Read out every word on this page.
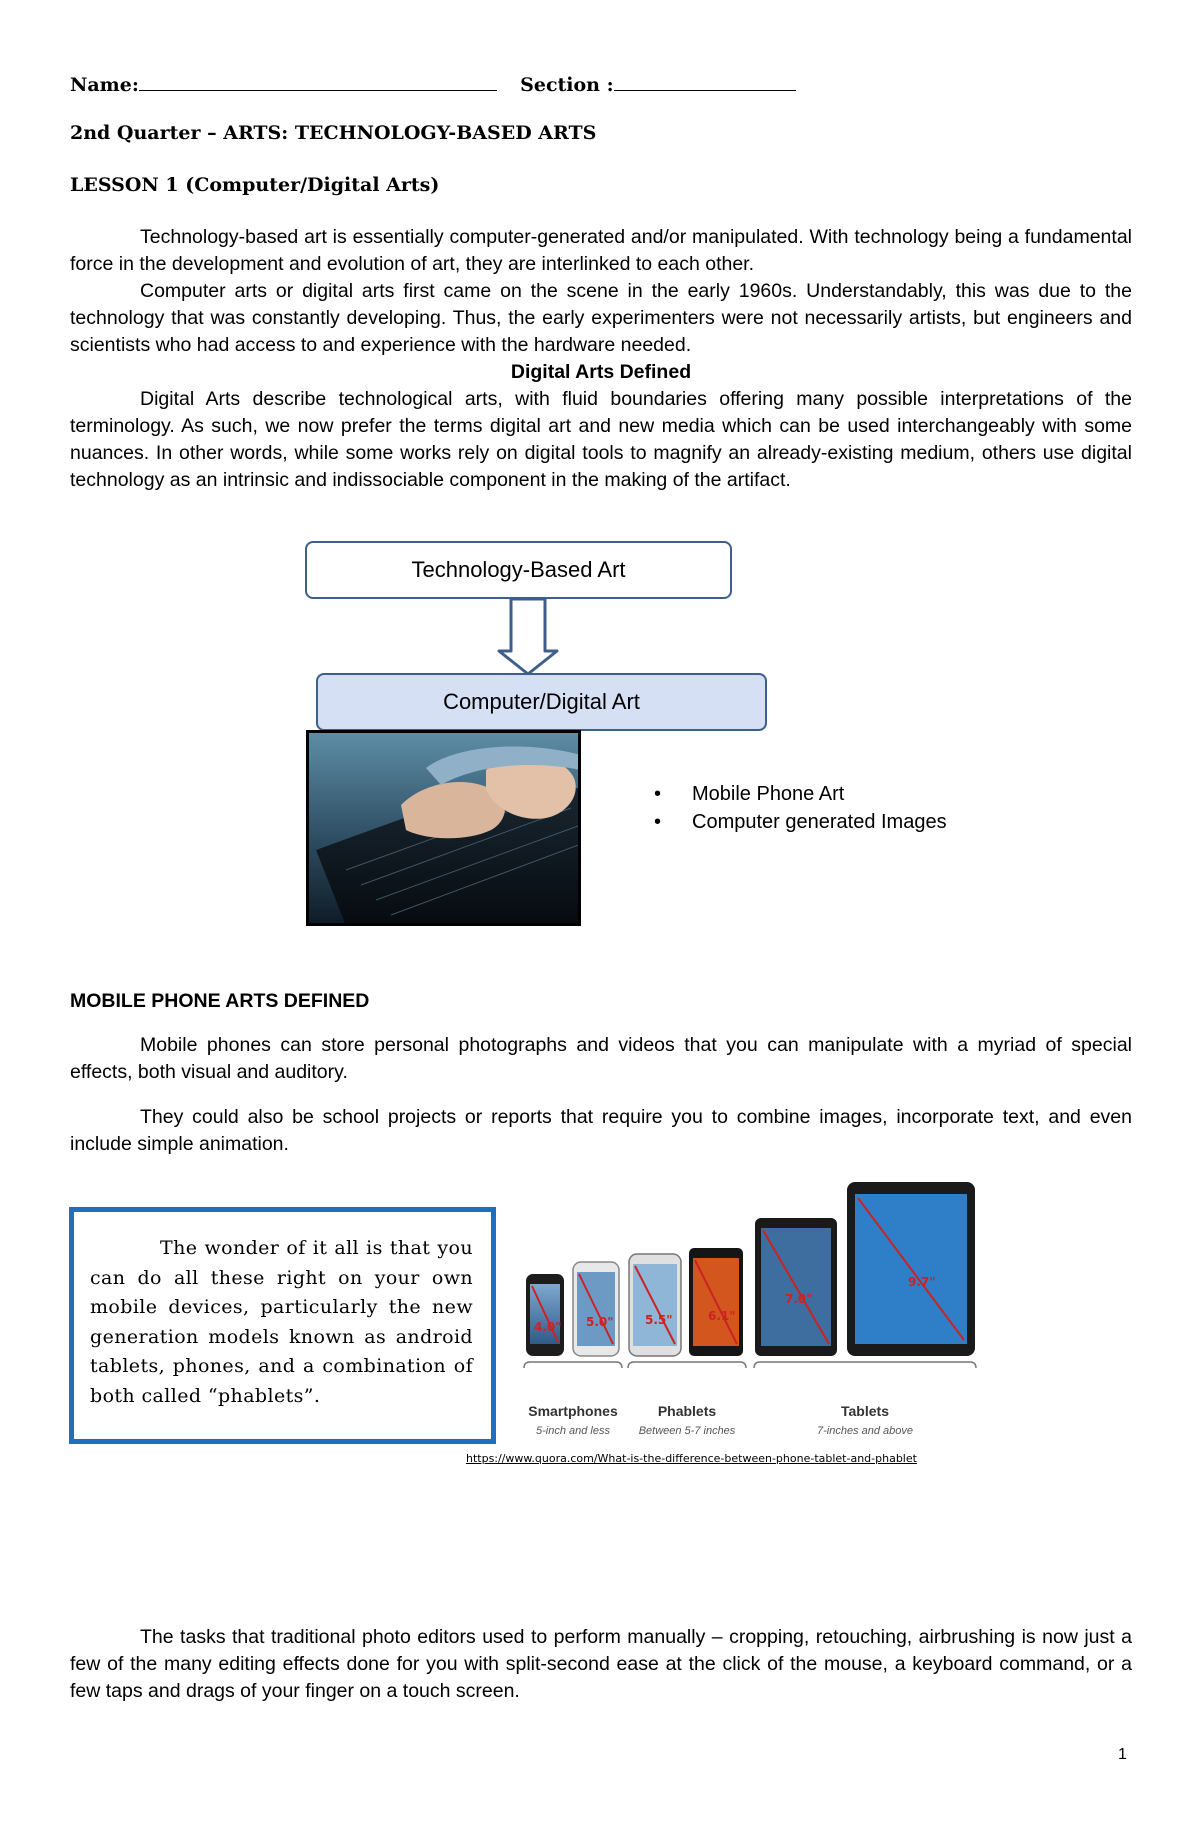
Name:	Section :
2nd Quarter – ARTS: TECHNOLOGY-BASED ARTS
LESSON 1 (Computer/Digital Arts)
Technology-based art is essentially computer-generated and/or manipulated. With technology being a fundamental force in the development and evolution of art, they are interlinked to each other.
Computer arts or digital arts first came on the scene in the early 1960s. Understandably, this was due to the technology that was constantly developing. Thus, the early experimenters were not necessarily artists, but engineers and scientists who had access to and experience with the hardware needed.
Digital Arts Defined
Digital Arts describe technological arts, with fluid boundaries offering many possible interpretations of the terminology. As such, we now prefer the terms digital art and new media which can be used interchangeably with some nuances. In other words, while some works rely on digital tools to magnify an already-existing medium, others use digital technology as an intrinsic and indissociable component in the making of the artifact.
Technology-Based Art
Computer/Digital Art
• Mobile Phone Art
• Computer generated Images
MOBILE PHONE ARTS DEFINED
Mobile phones can store personal photographs and videos that you can manipulate with a myriad of special effects, both visual and auditory.
They could also be school projects or reports that require you to combine images, incorporate text, and even include simple animation.

The wonder of it all is that you can do all these right on your own mobile devices, particularly the new generation models known as android tablets, phones, and a combination of both called “phablets”.

4.0" 5.0"	5.5"	6.1"
7.0"
9.7"
Smartphones
5-inch and less
Phablets
Between 5-7 inches
Tablets
7-inches and above
https://www.quora.com/What-is-the-difference-between-phone-tablet-and-phablet
The tasks that traditional photo editors used to perform manually – cropping, retouching, airbrushing is now just a few of the many editing effects done for you with split-second ease at the click of the mouse, a keyboard command, or a few taps and drags of your finger on a touch screen.
1
